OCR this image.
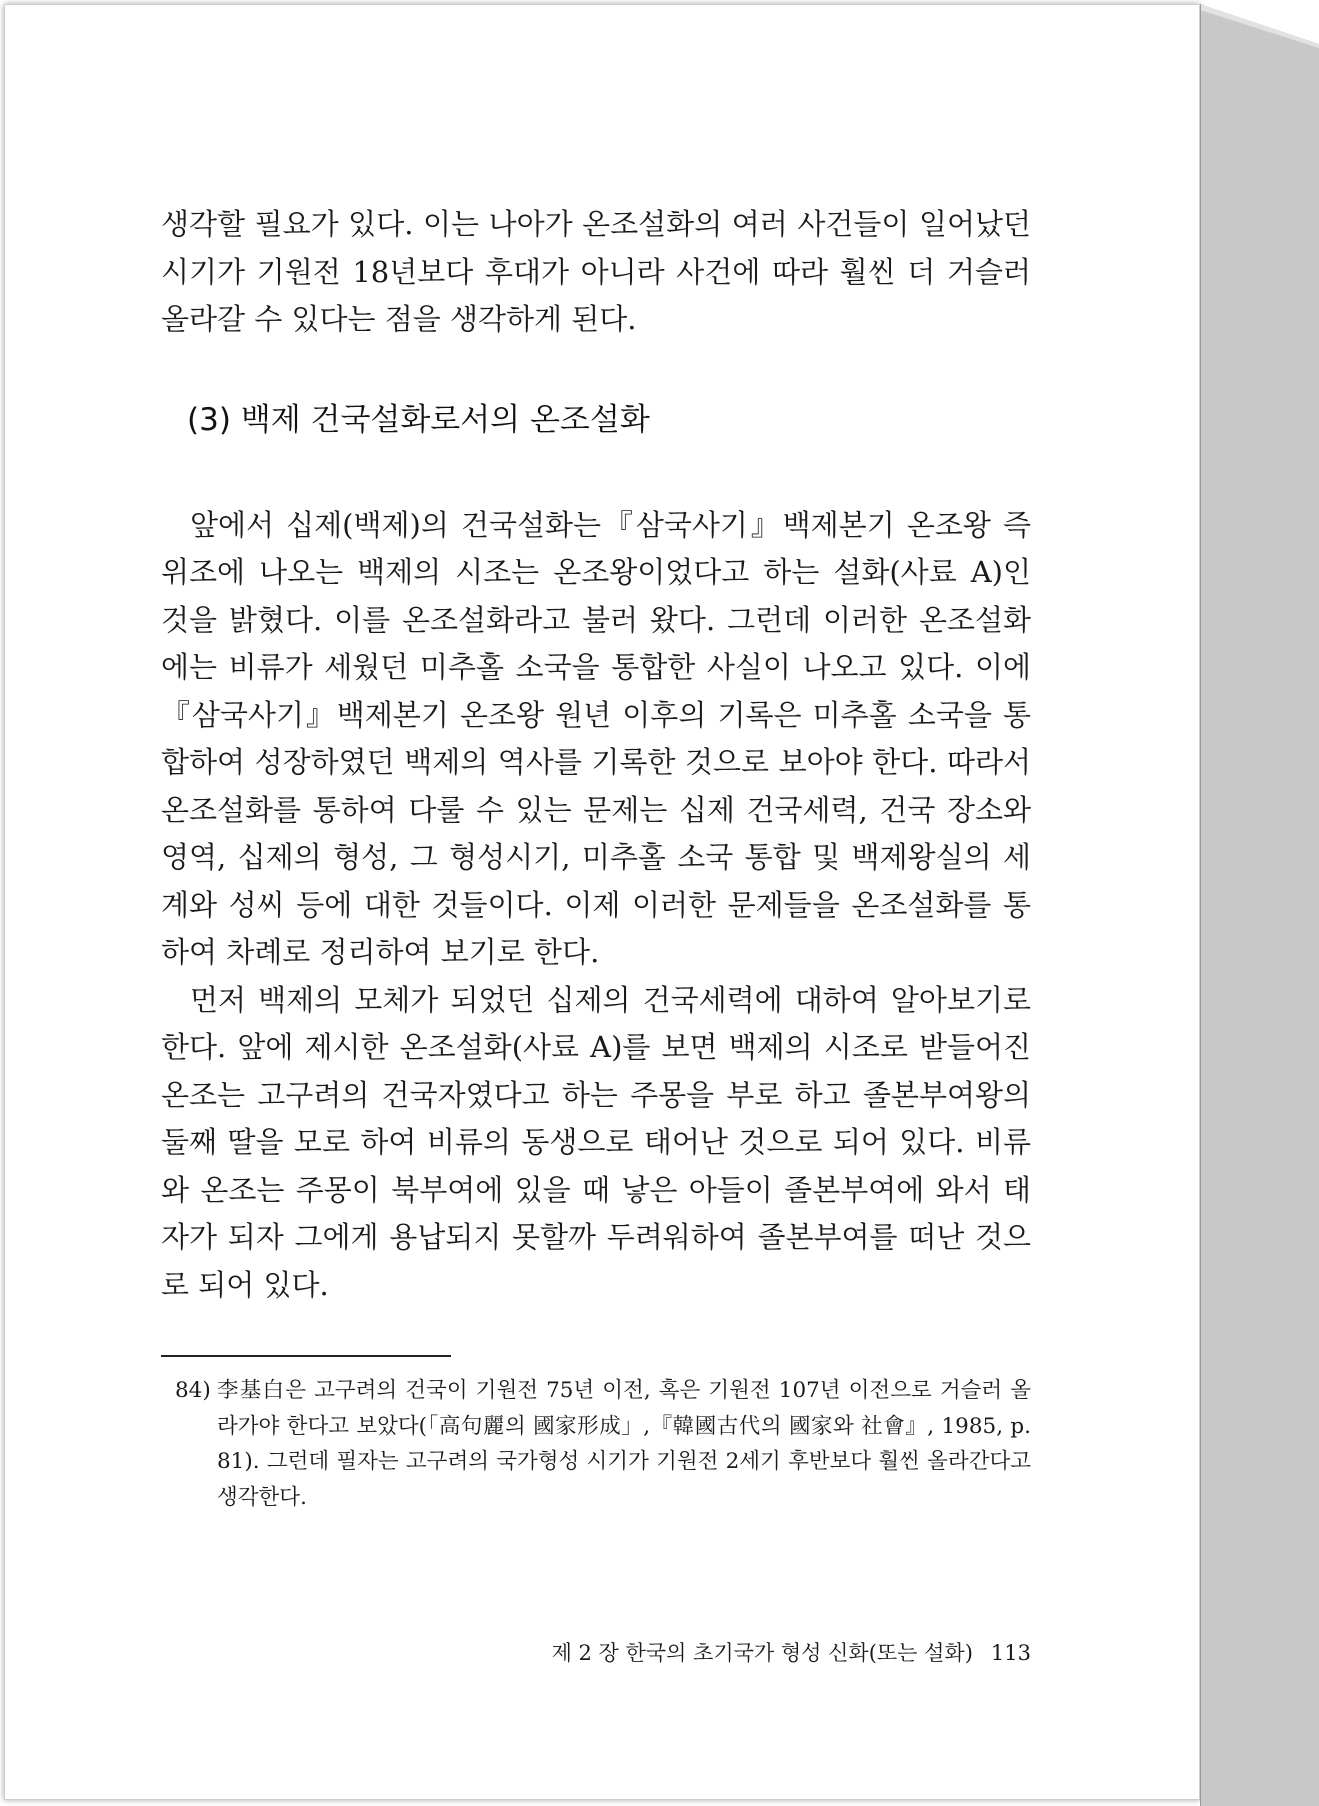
생각할 필요가 있다. 이는 나아가 온조설화의 여러 사건들이 일어났던 시기가 기원전 18년보다 후대가 아니라 사건에 따라 훨씬 더 거슬러 올라갈 수 있다는 점을 생각하게 된다.

(3) 백제 건국설화로서의 온조설화

앞에서 십제(백제)의 건국설화는『삼국사기』백제본기 온조왕 즉위조에 나오는 백제의 시조는 온조왕이었다고 하는 설화(사료 A)인 것을 밝혔다. 이를 온조설화라고 불러 왔다. 그런데 이러한 온조설화에는 비류가 세웠던 미추홀 소국을 통합한 사실이 나오고 있다. 이에『삼국사기』백제본기 온조왕 원년 이후의 기록은 미추홀 소국을 통합하여 성장하였던 백제의 역사를 기록한 것으로 보아야 한다. 따라서 온조설화를 통하여 다룰 수 있는 문제는 십제 건국세력, 건국 장소와 영역, 십제의 형성, 그 형성시기, 미추홀 소국 통합 및 백제왕실의 세계와 성씨 등에 대한 것들이다. 이제 이러한 문제들을 온조설화를 통하여 차례로 정리하여 보기로 한다.

먼저 백제의 모체가 되었던 십제의 건국세력에 대하여 알아보기로 한다. 앞에 제시한 온조설화(사료 A)를 보면 백제의 시조로 받들어진 온조는 고구려의 건국자였다고 하는 주몽을 부로 하고 졸본부여왕의 둘째 딸을 모로 하여 비류의 동생으로 태어난 것으로 되어 있다. 비류와 온조는 주몽이 북부여에 있을 때 낳은 아들이 졸본부여에 와서 태자가 되자 그에게 용납되지 못할까 두려워하여 졸본부여를 떠난 것으로 되어 있다.

84) 李基白은 고구려의 건국이 기원전 75년 이전, 혹은 기원전 107년 이전으로 거슬러 올라가야 한다고 보았다(「高句麗의 國家形成」,『韓國古代의 國家와 社會』, 1985, p. 81). 그런데 필자는 고구려의 국가형성 시기가 기원전 2세기 후반보다 훨씬 올라간다고 생각한다.

제 2 장 한국의 초기국가 형성 신화(또는 설화) 113
